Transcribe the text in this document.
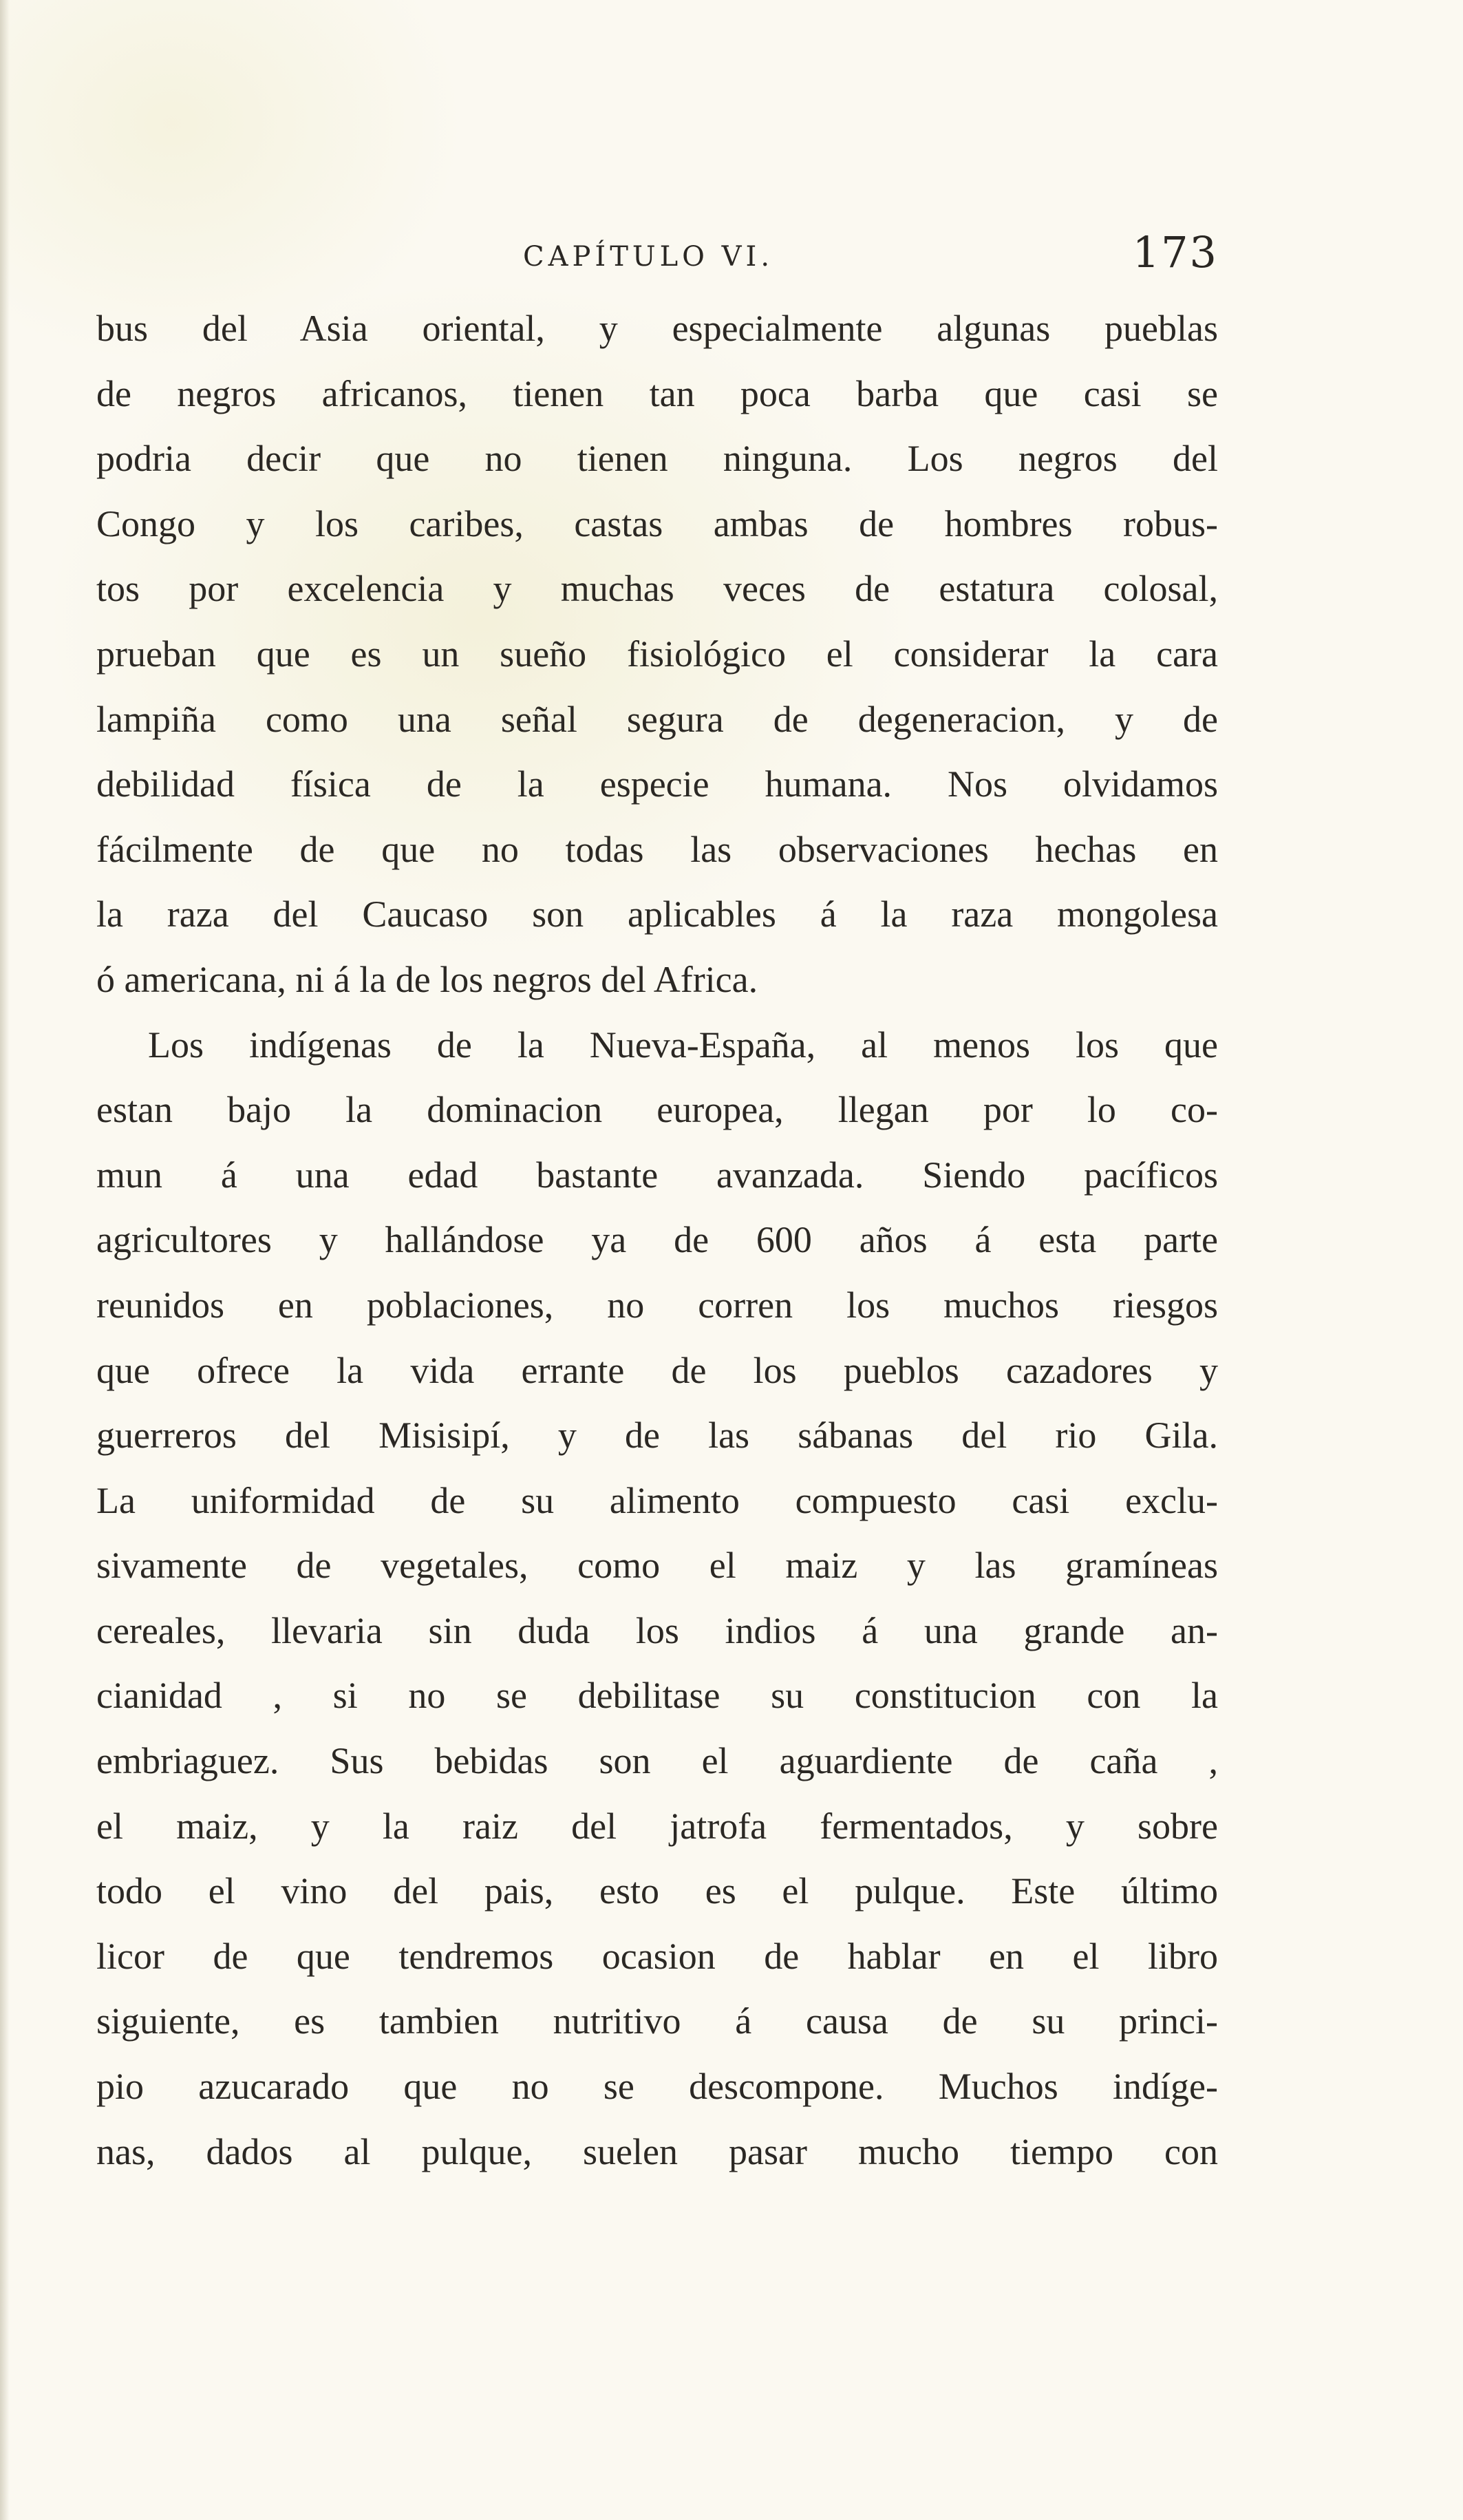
CAPÍTULO VI.	173
bus del Asia oriental, y especialmente algunas pueblas
de negros africanos, tienen tan poca barba que casi se
podria decir que no tienen ninguna. Los negros del
Congo y los caribes, castas ambas de hombres robus-
tos por excelencia y muchas veces de estatura colosal,
prueban que es un sueño fisiológico el considerar la cara
lampiña como una señal segura de degeneracion, y de
debilidad física de la especie humana. Nos olvidamos
fácilmente de que no todas las observaciones hechas en
la raza del Caucaso son aplicables á la raza mongolesa
ó americana, ni á la de los negros del Africa.
Los indígenas de la Nueva-España, al menos los que
estan bajo la dominacion europea, llegan por lo co-
mun á una edad bastante avanzada. Siendo pacíficos
agricultores y hallándose ya de 600 años á esta parte
reunidos en poblaciones, no corren los muchos riesgos
que ofrece la vida errante de los pueblos cazadores y
guerreros del Misisipí, y de las sábanas del rio Gila.
La uniformidad de su alimento compuesto casi exclu-
sivamente de vegetales, como el maiz y las gramíneas
cereales, llevaria sin duda los indios á una grande an-
cianidad , si no se debilitase su constitucion con la
embriaguez. Sus bebidas son el aguardiente de caña ,
el maiz, y la raiz del jatrofa fermentados, y sobre
todo el vino del pais, esto es el pulque. Este último
licor de que tendremos ocasion de hablar en el libro
siguiente, es tambien nutritivo á causa de su princi-
pio azucarado que no se descompone. Muchos indíge-
nas, dados al pulque, suelen pasar mucho tiempo con
